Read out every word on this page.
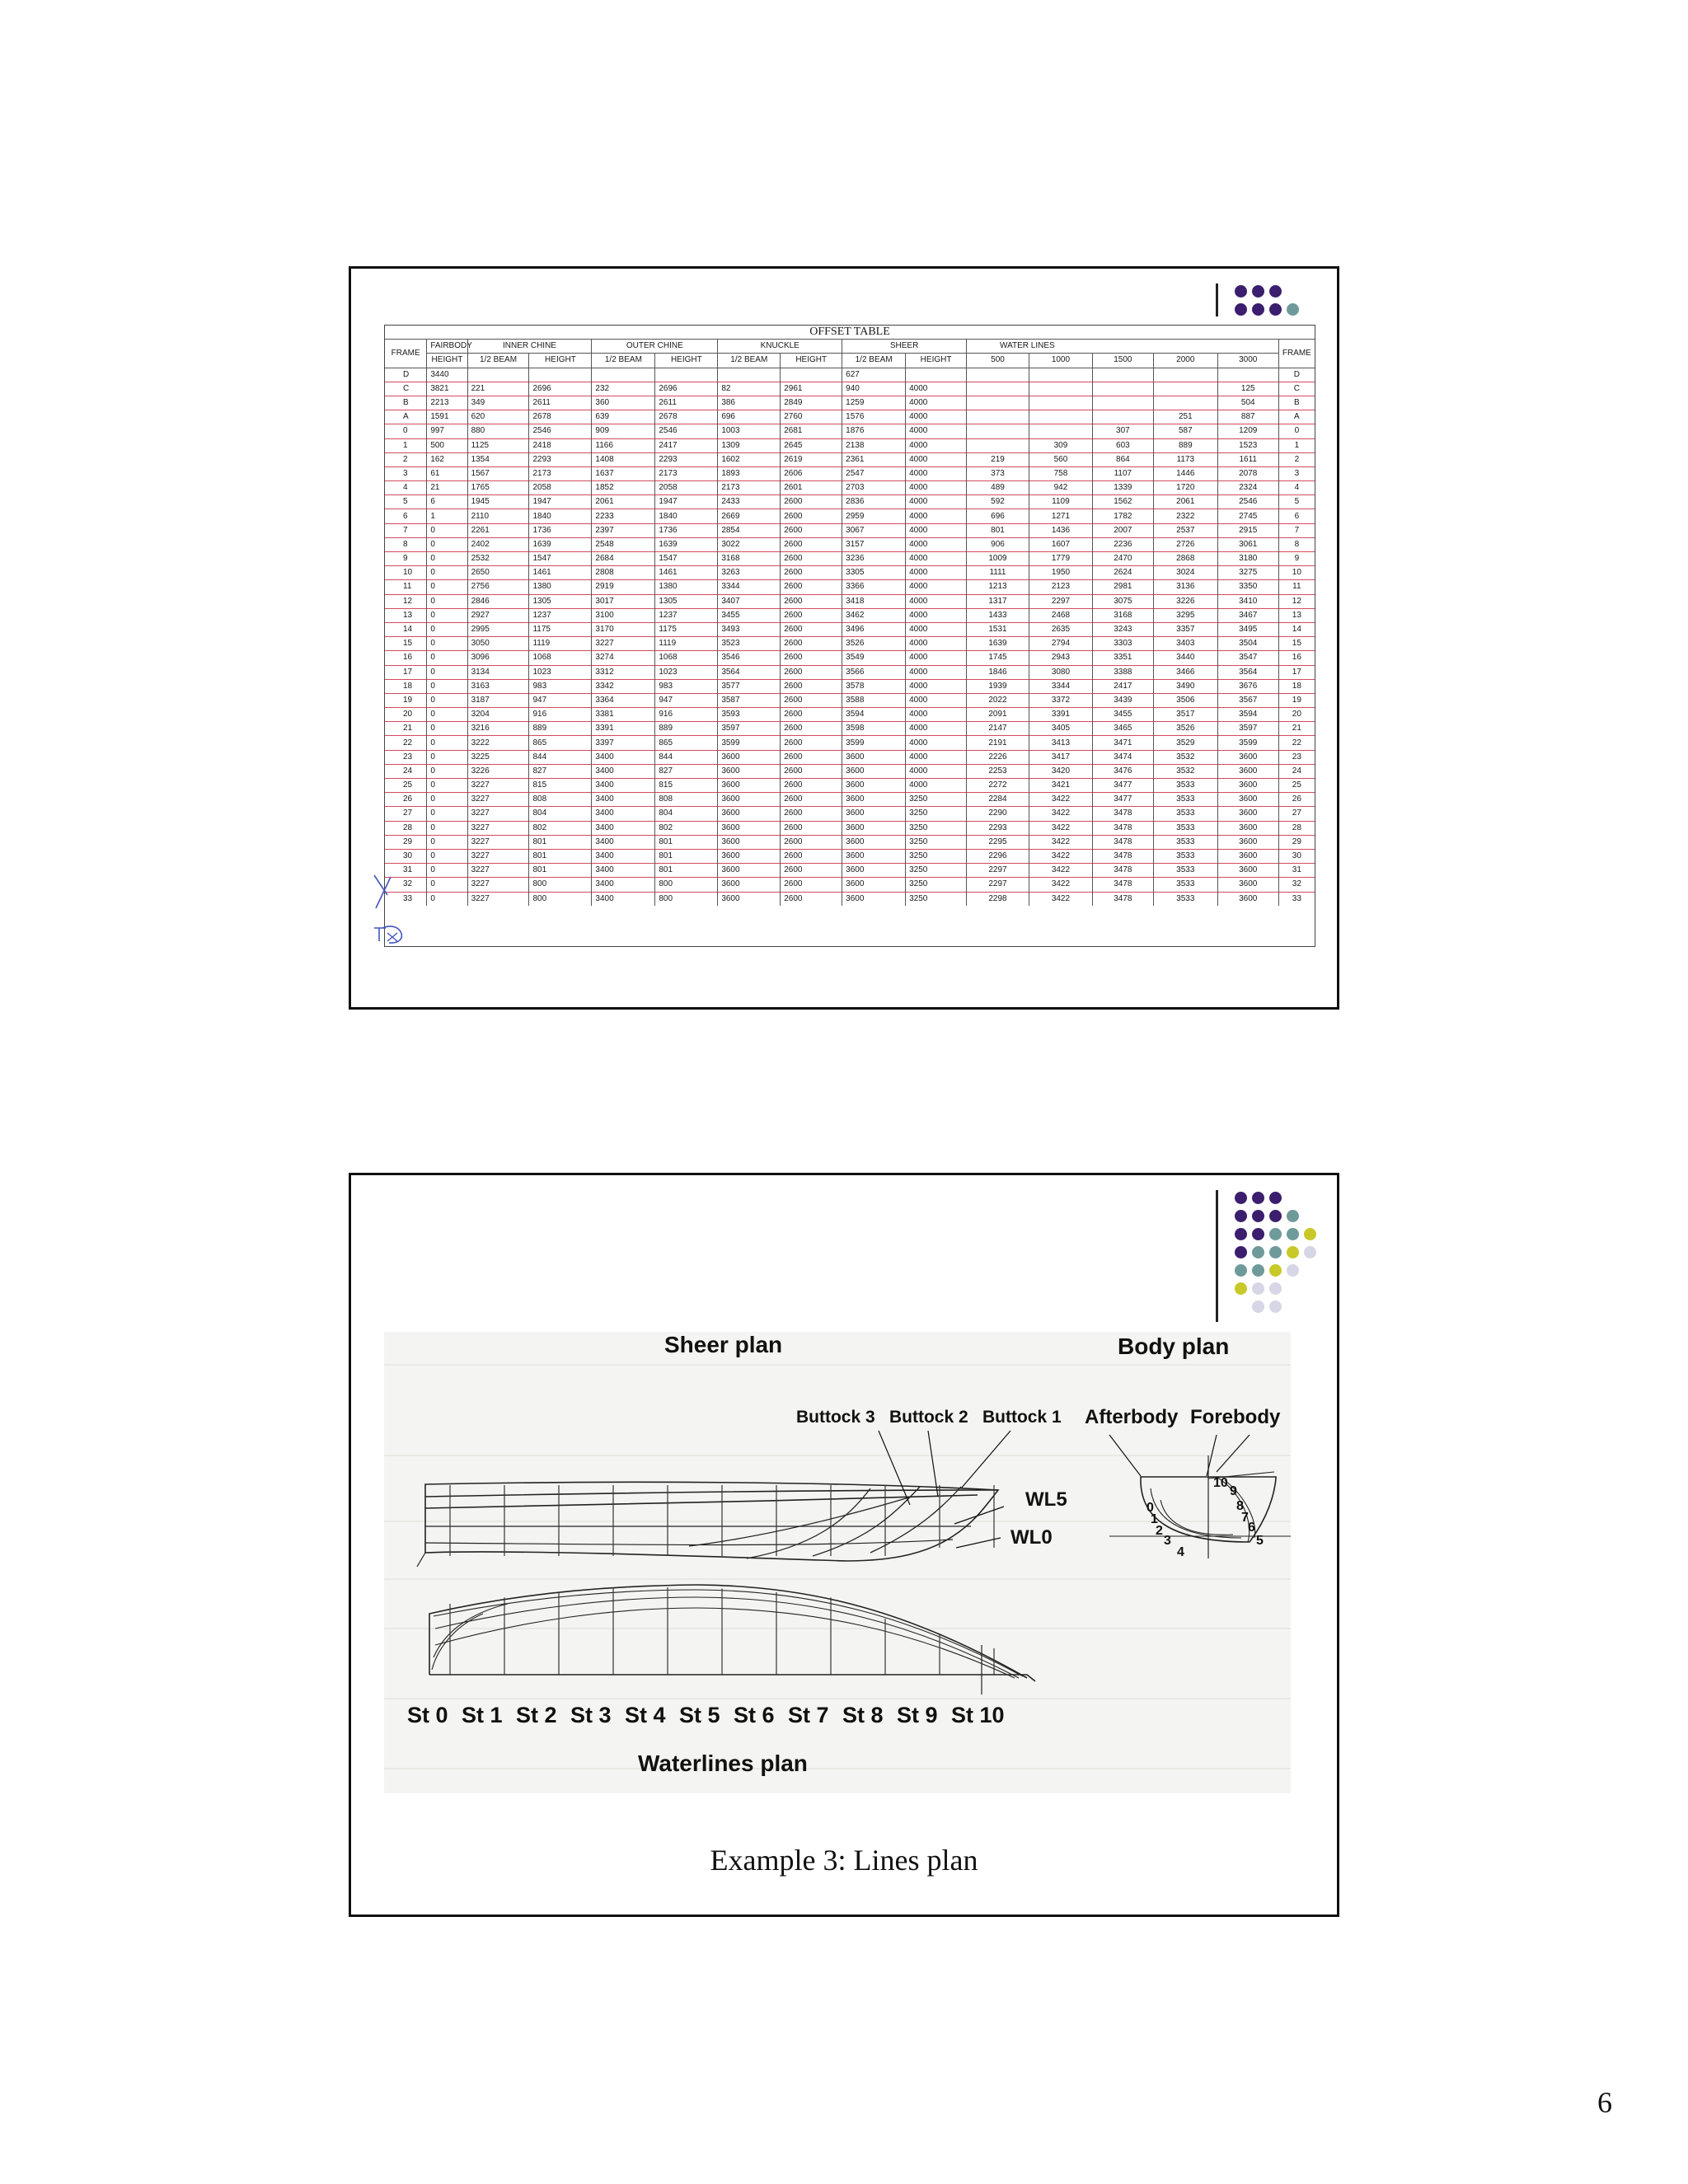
OFFSET TABLE															
FRAME	FAIRBODY	INNER CHINE		OUTER CHINE		KNUCKLE		SHEER		WATER LINES					FRAME
	HEIGHT	1/2 BEAM	HEIGHT	1/2 BEAM	HEIGHT	1/2 BEAM	HEIGHT	1/2 BEAM	HEIGHT	500	1000	1500	2000	3000	
D	3440							627							D
C	3821	221	2696	232	2696	82	2961	940	4000					125	C
B	2213	349	2611	360	2611	386	2849	1259	4000					504	B
A	1591	620	2678	639	2678	696	2760	1576	4000				251	887	A
0	997	880	2546	909	2546	1003	2681	1876	4000			307	587	1209	0
1	500	1125	2418	1166	2417	1309	2645	2138	4000		309	603	889	1523	1
2	162	1354	2293	1408	2293	1602	2619	2361	4000	219	560	864	1173	1611	2
3	61	1567	2173	1637	2173	1893	2606	2547	4000	373	758	1107	1446	2078	3
4	21	1765	2058	1852	2058	2173	2601	2703	4000	489	942	1339	1720	2324	4
5	6	1945	1947	2061	1947	2433	2600	2836	4000	592	1109	1562	2061	2546	5
6	1	2110	1840	2233	1840	2669	2600	2959	4000	696	1271	1782	2322	2745	6
7	0	2261	1736	2397	1736	2854	2600	3067	4000	801	1436	2007	2537	2915	7
8	0	2402	1639	2548	1639	3022	2600	3157	4000	906	1607	2236	2726	3061	8
9	0	2532	1547	2684	1547	3168	2600	3236	4000	1009	1779	2470	2868	3180	9
10	0	2650	1461	2808	1461	3263	2600	3305	4000	1111	1950	2624	3024	3275	10
11	0	2756	1380	2919	1380	3344	2600	3366	4000	1213	2123	2981	3136	3350	11
12	0	2846	1305	3017	1305	3407	2600	3418	4000	1317	2297	3075	3226	3410	12
13	0	2927	1237	3100	1237	3455	2600	3462	4000	1433	2468	3168	3295	3467	13
14	0	2995	1175	3170	1175	3493	2600	3496	4000	1531	2635	3243	3357	3495	14
15	0	3050	1119	3227	1119	3523	2600	3526	4000	1639	2794	3303	3403	3504	15
16	0	3096	1068	3274	1068	3546	2600	3549	4000	1745	2943	3351	3440	3547	16
17	0	3134	1023	3312	1023	3564	2600	3566	4000	1846	3080	3388	3466	3564	17
18	0	3163	983	3342	983	3577	2600	3578	4000	1939	3344	2417	3490	3676	18
19	0	3187	947	3364	947	3587	2600	3588	4000	2022	3372	3439	3506	3567	19
20	0	3204	916	3381	916	3593	2600	3594	4000	2091	3391	3455	3517	3594	20
21	0	3216	889	3391	889	3597	2600	3598	4000	2147	3405	3465	3526	3597	21
22	0	3222	865	3397	865	3599	2600	3599	4000	2191	3413	3471	3529	3599	22
23	0	3225	844	3400	844	3600	2600	3600	4000	2226	3417	3474	3532	3600	23
24	0	3226	827	3400	827	3600	2600	3600	4000	2253	3420	3476	3532	3600	24
25	0	3227	815	3400	815	3600	2600	3600	4000	2272	3421	3477	3533	3600	25
26	0	3227	808	3400	808	3600	2600	3600	3250	2284	3422	3477	3533	3600	26
27	0	3227	804	3400	804	3600	2600	3600	3250	2290	3422	3478	3533	3600	27
28	0	3227	802	3400	802	3600	2600	3600	3250	2293	3422	3478	3533	3600	28
29	0	3227	801	3400	801	3600	2600	3600	3250	2295	3422	3478	3533	3600	29
30	0	3227	801	3400	801	3600	2600	3600	3250	2296	3422	3478	3533	3600	30
31	0	3227	801	3400	801	3600	2600	3600	3250	2297	3422	3478	3533	3600	31
32	0	3227	800	3400	800	3600	2600	3600	3250	2297	3422	3478	3533	3600	32
33	0	3227	800	3400	800	3600	2600	3600	3250	2298	3422	3478	3533	3600	33
0
1
2
3
4
5
6
7
8
9
10
Sheer plan	Body plan
Buttock 3 Buttock 2 Buttock 1 Afterbody Forebody
WL5
WL0
St 0 St 1 St 2 St 3 St 4 St 5 St 6 St 7 St 8 St 9 St 10
Waterlines plan
Example 3: Lines plan
6
